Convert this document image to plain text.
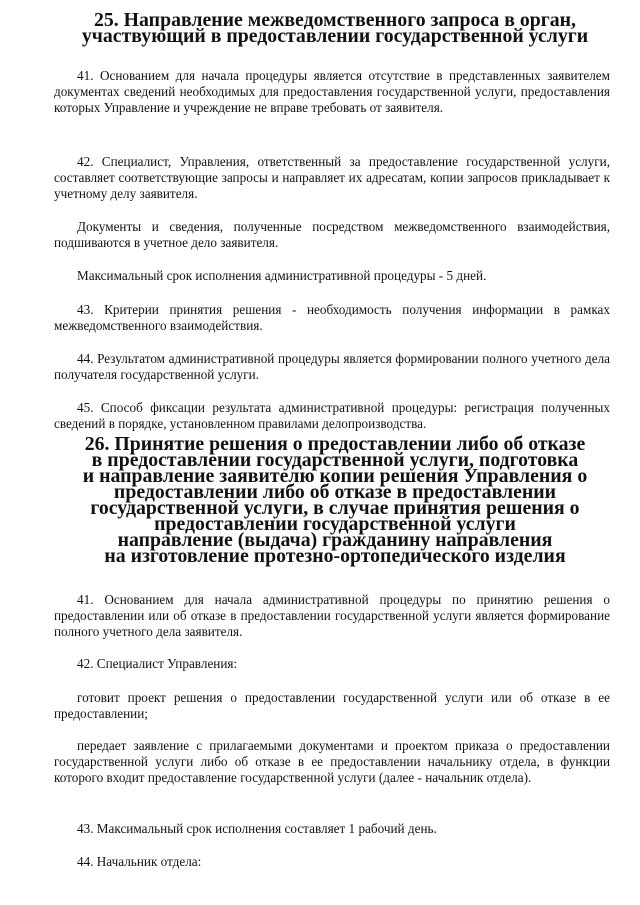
25. Направление межведомственного запроса в орган,
участвующий в предоставлении государственной услуги

41. Основанием для начала процедуры является отсутствие в представленных заявителем документах сведений необходимых для предоставления государственной услуги, предоставления которых Управление и учреждение не вправе требовать от заявителя.

42. Специалист, Управления, ответственный за предоставление государственной услуги, составляет соответствующие запросы и направляет их адресатам, копии запросов прикладывает к учетному делу заявителя.

Документы и сведения, полученные посредством межведомственного взаимодействия, подшиваются в учетное дело заявителя.

Максимальный срок исполнения административной процедуры - 5 дней.

43. Критерии принятия решения - необходимость получения информации в рамках межведомственного взаимодействия.

44. Результатом административной процедуры является формировании полного учетного дела получателя государственной услуги.

45. Способ фиксации результата административной процедуры: регистрация полученных сведений в порядке, установленном правилами делопроизводства.

26. Принятие решения о предоставлении либо об отказе
в предоставлении государственной услуги, подготовка
и направление заявителю копии решения Управления о
предоставлении либо об отказе в предоставлении
государственной услуги, в случае принятия решения о
предоставлении государственной услуги
направление (выдача) гражданину направления
на изготовление протезно-ортопедического изделия

41. Основанием для начала административной процедуры по принятию решения о предоставлении или об отказе в предоставлении государственной услуги является формирование полного учетного дела заявителя.

42. Специалист Управления:

готовит проект решения о предоставлении государственной услуги или об отказе в ее предоставлении;

передает заявление с прилагаемыми документами и проектом приказа о предоставлении государственной услуги либо об отказе в ее предоставлении начальнику отдела, в функции которого входит предоставление государственной услуги (далее - начальник отдела).

43. Максимальный срок исполнения составляет 1 рабочий день.

44. Начальник отдела:
